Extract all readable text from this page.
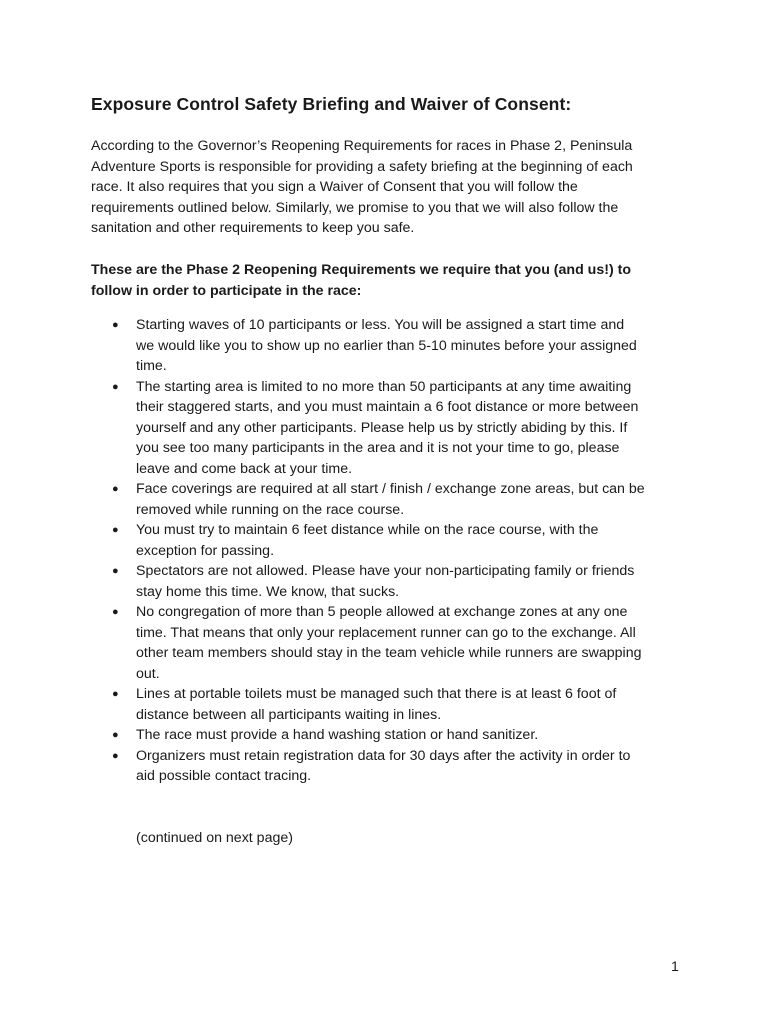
Exposure Control Safety Briefing and Waiver of Consent:
According to the Governor’s Reopening Requirements for races in Phase 2, Peninsula
Adventure Sports is responsible for providing a safety briefing at the beginning of each
race. It also requires that you sign a Waiver of Consent that you will follow the
requirements outlined below. Similarly, we promise to you that we will also follow the
sanitation and other requirements to keep you safe.
These are the Phase 2 Reopening Requirements we require that you (and us!) to
follow in order to participate in the race:
● Starting waves of 10 participants or less. You will be assigned a start time and
we would like you to show up no earlier than 5-10 minutes before your assigned
time.
● The starting area is limited to no more than 50 participants at any time awaiting
their staggered starts, and you must maintain a 6 foot distance or more between
yourself and any other participants. Please help us by strictly abiding by this. If
you see too many participants in the area and it is not your time to go, please
leave and come back at your time.
● Face coverings are required at all start / finish / exchange zone areas, but can be
removed while running on the race course.
● You must try to maintain 6 feet distance while on the race course, with the
exception for passing.
● Spectators are not allowed. Please have your non-participating family or friends
stay home this time. We know, that sucks.
● No congregation of more than 5 people allowed at exchange zones at any one
time. That means that only your replacement runner can go to the exchange. All
other team members should stay in the team vehicle while runners are swapping
out.
● Lines at portable toilets must be managed such that there is at least 6 foot of
distance between all participants waiting in lines.
● The race must provide a hand washing station or hand sanitizer.
● Organizers must retain registration data for 30 days after the activity in order to
aid possible contact tracing.
(continued on next page)
1
